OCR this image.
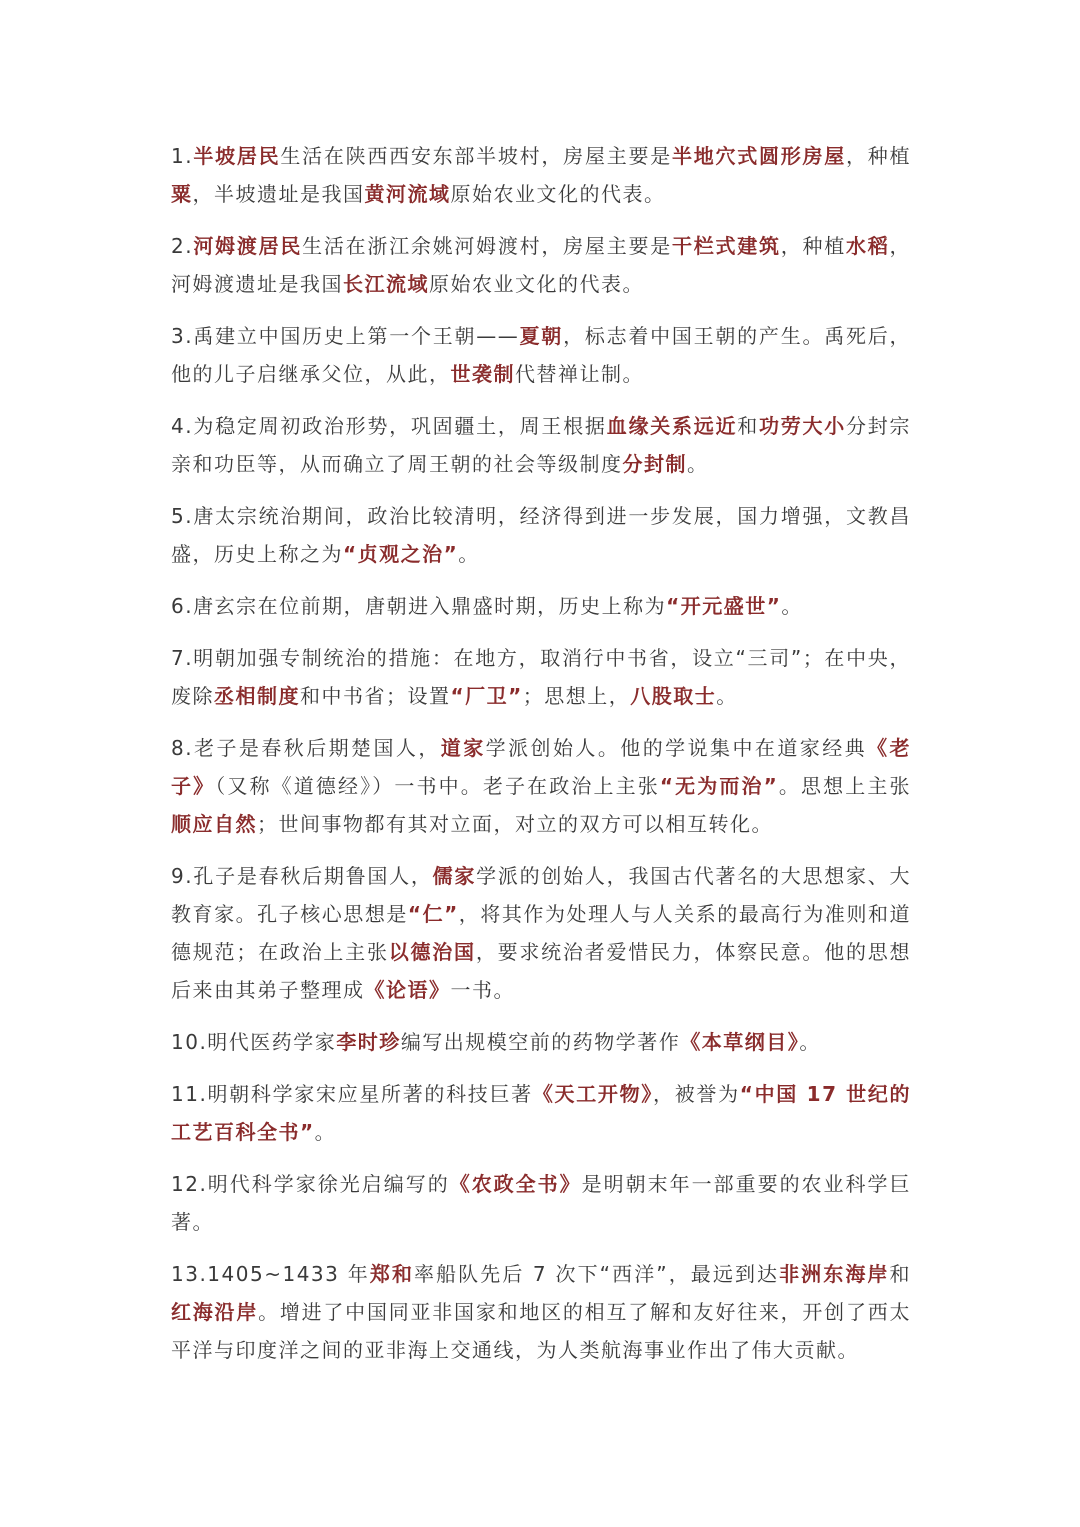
1.半坡居民生活在陕西西安东部半坡村，房屋主要是半地穴式圆形房屋，种植粟，半坡遗址是我国黄河流域原始农业文化的代表。

2.河姆渡居民生活在浙江余姚河姆渡村，房屋主要是干栏式建筑，种植水稻，河姆渡遗址是我国长江流域原始农业文化的代表。

3.禹建立中国历史上第一个王朝——夏朝，标志着中国王朝的产生。禹死后，他的儿子启继承父位，从此，世袭制代替禅让制。

4.为稳定周初政治形势，巩固疆土，周王根据血缘关系远近和功劳大小分封宗亲和功臣等，从而确立了周王朝的社会等级制度分封制。

5.唐太宗统治期间，政治比较清明，经济得到进一步发展，国力增强，文教昌盛，历史上称之为“贞观之治”。

6.唐玄宗在位前期，唐朝进入鼎盛时期，历史上称为“开元盛世”。

7.明朝加强专制统治的措施：在地方，取消行中书省，设立“三司”；在中央，废除丞相制度和中书省；设置“厂卫”；思想上，八股取士。

8.老子是春秋后期楚国人，道家学派创始人。他的学说集中在道家经典《老子》（又称《道德经》）一书中。老子在政治上主张“无为而治”。思想上主张顺应自然；世间事物都有其对立面，对立的双方可以相互转化。

9.孔子是春秋后期鲁国人，儒家学派的创始人，我国古代著名的大思想家、大教育家。孔子核心思想是“仁”，将其作为处理人与人关系的最高行为准则和道德规范；在政治上主张以德治国，要求统治者爱惜民力，体察民意。他的思想后来由其弟子整理成《论语》一书。

10.明代医药学家李时珍编写出规模空前的药物学著作《本草纲目》。

11.明朝科学家宋应星所著的科技巨著《天工开物》，被誉为“中国 17 世纪的工艺百科全书”。

12.明代科学家徐光启编写的《农政全书》是明朝末年一部重要的农业科学巨著。

13.1405~1433 年郑和率船队先后 7 次下“西洋”，最远到达非洲东海岸和红海沿岸。增进了中国同亚非国家和地区的相互了解和友好往来，开创了西太平洋与印度洋之间的亚非海上交通线，为人类航海事业作出了伟大贡献。
